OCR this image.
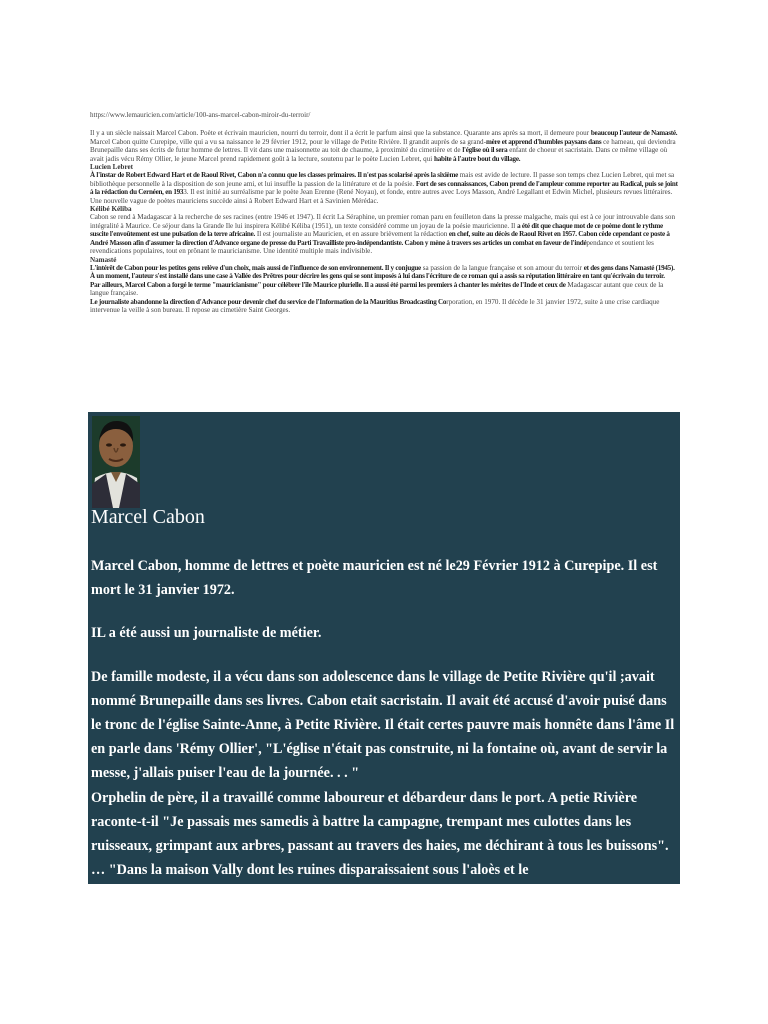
https://www.lemauricien.com/article/100-ans-marcel-cabon-miroir-du-terroir/

Il y a un siècle naissait Marcel Cabon. Poète et écrivain mauricien, nourri du terroir, dont il a écrit le parfum ainsi que la substance. Quarante ans après sa mort, il demeure pour beaucoup l'auteur de Namasté.

Marcel Cabon quitte Curepipe, ville qui a vu sa naissance le 29 février 1912, pour le village de Petite Rivière. Il grandit auprès de sa grand-mère et apprend d'humbles paysans dans ce hameau, qui deviendra Brunepaille dans ses écrits de futur homme de lettres. Il vit dans une maisonnette au toit de chaume, à proximité du cimetière et de l'église où il sera enfant de choeur et sacristain. Dans ce même village où avait jadis vécu Rémy Ollier, le jeune Marcel prend rapidement goût à la lecture, soutenu par le poète Lucien Lebret, qui habite à l'autre bout du village.

Lucien Lebret

À l'instar de Robert Edward Hart et de Raoul Rivet, Cabon n'a connu que les classes primaires. Il n'est pas scolarisé après la sixième mais est avide de lecture. Il passe son temps chez Lucien Lebret, qui met sa bibliothèque personnelle à la disposition de son jeune ami, et lui insuffle la passion de la littérature et de la poésie. Fort de ses connaissances, Cabon prend de l'ampleur comme reporter au Radical, puis se joint à la rédaction du Cernéen, en 1933. Il est initié au surréalisme par le poète Jean Erenne (René Noyau), et fonde, entre autres avec Loys Masson, André Legallant et Edwin Michel, plusieurs revues littéraires. Une nouvelle vague de poètes mauriciens succède ainsi à Robert Edward Hart et à Savinien Mérédac.

Kélibé Kéliba

Cabon se rend à Madagascar à la recherche de ses racines (entre 1946 et 1947). Il écrit La Séraphine, un premier roman paru en feuilleton dans la presse malgache, mais qui est à ce jour introuvable dans son intégralité à Maurice. Ce séjour dans la Grande Ile lui inspirera Kélibé Kéliba (1951), un texte considéré comme un joyau de la poésie mauricienne. Il a été dit que chaque mot de ce poème dont le rythme suscite l'envoûtement est une pulsation de la terre africaine. Il est journaliste au Mauricien, et en assure brièvement la rédaction en chef, suite au décès de Raoul Rivet en 1957. Cabon cède cependant ce poste à André Masson afin d'assumer la direction d'Advance organe de presse du Parti Travailliste pro-indépendantiste. Cabon y mène à travers ses articles un combat en faveur de l'indépendance et soutient les revendications populaires, tout en prônant le mauricianisme. Une identité multiple mais indivisible.

Namasté

L'intérêt de Cabon pour les petites gens relève d'un choix, mais aussi de l'influence de son environnement. Il y conjugue sa passion de la langue française et son amour du terroir et des gens dans Namasté (1945). À un moment, l'auteur s'est installé dans une case à Vallée des Prêtres pour décrire les gens qui se sont imposés à lui dans l'écriture de ce roman qui a assis sa réputation littéraire en tant qu'écrivain du terroir.

Par ailleurs, Marcel Cabon a forgé le terme "mauricianisme" pour célébrer l'île Maurice plurielle. Il a aussi été parmi les premiers à chanter les mérites de l'Inde et ceux de Madagascar autant que ceux de la langue française.

Le journaliste abandonne la direction d'Advance pour devenir chef du service de l'Information de la Mauritius Broadcasting Corporation, en 1970. Il décède le 31 janvier 1972, suite à une crise cardiaque intervenue la veille à son bureau. Il repose au cimetière Saint Georges.

Marcel Cabon

Marcel Cabon, homme de lettres et poète mauricien est né le29 Février 1912 à Curepipe. Il est mort le 31 janvier 1972.

IL a été aussi un journaliste de métier.

De famille modeste, il a vécu dans son adolescence dans le village de Petite Rivière qu'il ;avait nommé Brunepaille dans ses livres. Cabon etait sacristain. Il avait été accusé d'avoir puisé dans le tronc de l'église Sainte-Anne, à Petite Rivière. Il était certes pauvre mais honnête dans l'âme Il en parle dans 'Rémy Ollier', "L'église n'était pas construite, ni la fontaine où, avant de servir la messe, j'allais puiser l'eau de la journée. . . "

Orphelin de père, il a travaillé comme laboureur et débardeur dans le port. A petie Rivière raconte-t-il "Je passais mes samedis à battre la campagne, trempant mes culottes dans les ruisseaux, grimpant aux arbres, passant au travers des haies, me déchirant à tous les buissons". … "Dans la maison Vally dont les ruines disparaissaient sous l'aloès et le
